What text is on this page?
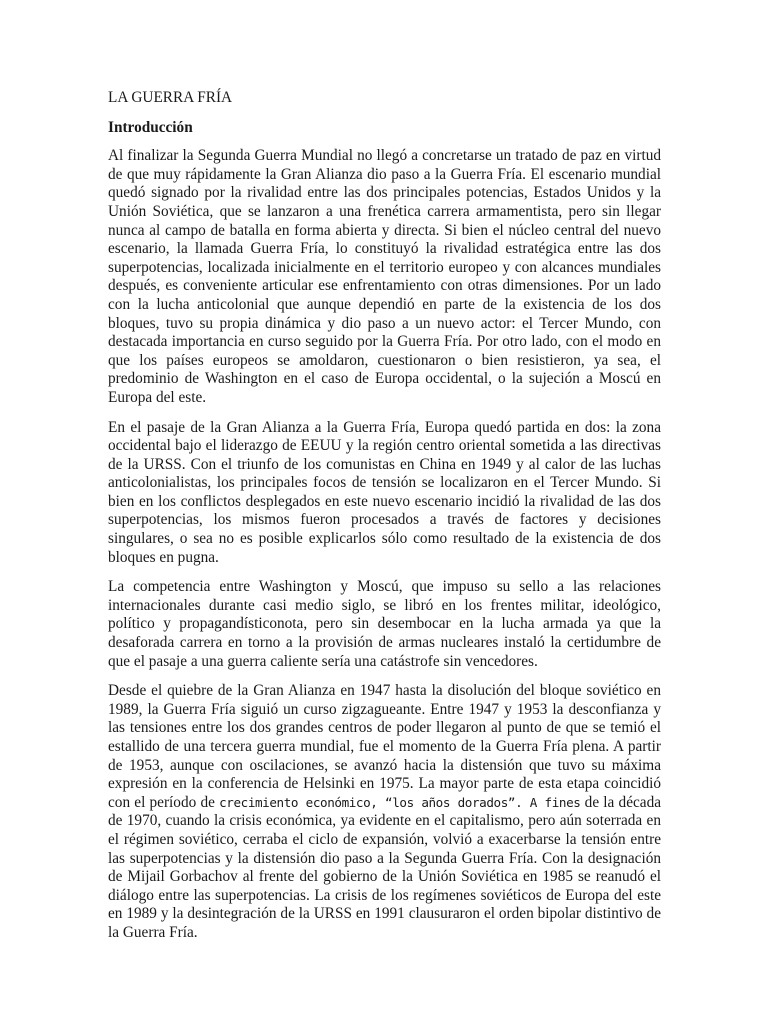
LA GUERRA FRÍA
Introducción

Al finalizar la Segunda Guerra Mundial no llegó a concretarse un tratado de paz en virtud de que muy rápidamente la Gran Alianza dio paso a la Guerra Fría. El escenario mundial quedó signado por la rivalidad entre las dos principales potencias, Estados Unidos y la Unión Soviética, que se lanzaron a una frenética carrera armamentista, pero sin llegar nunca al campo de batalla en forma abierta y directa. Si bien el núcleo central del nuevo escenario, la llamada Guerra Fría, lo constituyó la rivalidad estratégica entre las dos superpotencias, localizada inicialmente en el territorio europeo y con alcances mundiales después, es conveniente articular ese enfrentamiento con otras dimensiones. Por un lado con la lucha anticolonial que aunque dependió en parte de la existencia de los dos bloques, tuvo su propia dinámica y dio paso a un nuevo actor: el Tercer Mundo, con destacada importancia en curso seguido por la Guerra Fría. Por otro lado, con el modo en que los países europeos se amoldaron, cuestionaron o bien resistieron, ya sea, el predominio de Washington en el caso de Europa occidental, o la sujeción a Moscú en Europa del este.

En el pasaje de la Gran Alianza a la Guerra Fría, Europa quedó partida en dos: la zona occidental bajo el liderazgo de EEUU y la región centro oriental sometida a las directivas de la URSS. Con el triunfo de los comunistas en China en 1949 y al calor de las luchas anticolonialistas, los principales focos de tensión se localizaron en el Tercer Mundo. Si bien en los conflictos desplegados en este nuevo escenario incidió la rivalidad de las dos superpotencias, los mismos fueron procesados a través de factores y decisiones singulares, o sea no es posible explicarlos sólo como resultado de la existencia de dos bloques en pugna.

La competencia entre Washington y Moscú, que impuso su sello a las relaciones internacionales durante casi medio siglo, se libró en los frentes militar, ideológico, político y propagandísticonota, pero sin desembocar en la lucha armada ya que la desaforada carrera en torno a la provisión de armas nucleares instaló la certidumbre de que el pasaje a una guerra caliente sería una catástrofe sin vencedores.

Desde el quiebre de la Gran Alianza en 1947 hasta la disolución del bloque soviético en 1989, la Guerra Fría siguió un curso zigzagueante. Entre 1947 y 1953 la desconfianza y las tensiones entre los dos grandes centros de poder llegaron al punto de que se temió el estallido de una tercera guerra mundial, fue el momento de la Guerra Fría plena. A partir de 1953, aunque con oscilaciones, se avanzó hacia la distensión que tuvo su máxima expresión en la conferencia de Helsinki en 1975. La mayor parte de esta etapa coincidió con el período de crecimiento económico, “los años dorados”. A fines de la década de 1970, cuando la crisis económica, ya evidente en el capitalismo, pero aún soterrada en el régimen soviético, cerraba el ciclo de expansión, volvió a exacerbarse la tensión entre las superpotencias y la distensión dio paso a la Segunda Guerra Fría. Con la designación de Mijail Gorbachov al frente del gobierno de la Unión Soviética en 1985 se reanudó el diálogo entre las superpotencias. La crisis de los regímenes soviéticos de Europa del este en 1989 y la desintegración de la URSS en 1991 clausuraron el orden bipolar distintivo de la Guerra Fría.
